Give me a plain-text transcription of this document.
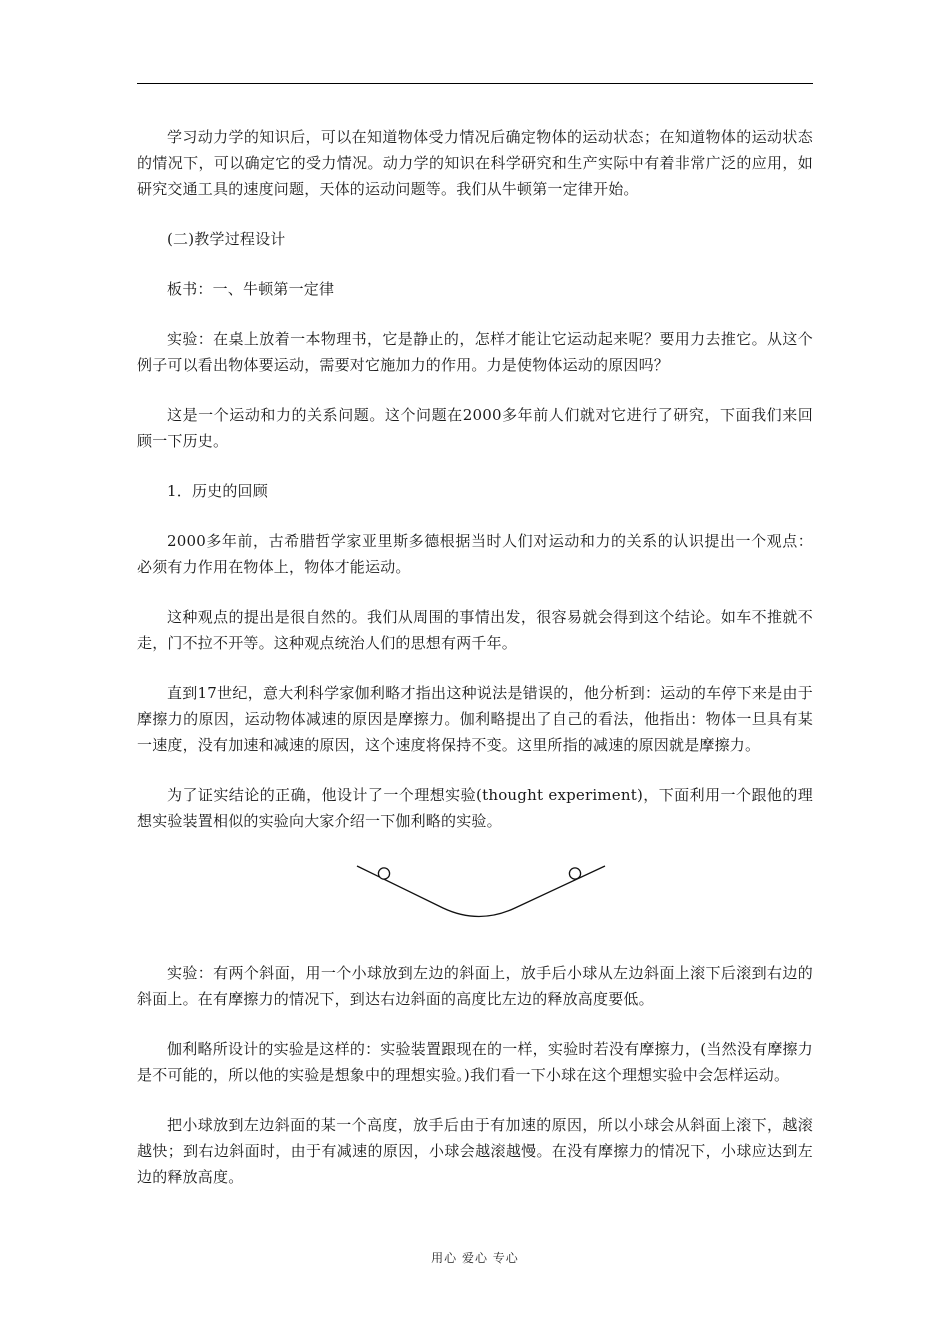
学习动力学的知识后，可以在知道物体受力情况后确定物体的运动状态；在知道物体的运动状态的情况下，可以确定它的受力情况。动力学的知识在科学研究和生产实际中有着非常广泛的应用，如研究交通工具的速度问题，天体的运动问题等。我们从牛顿第一定律开始。

(二)教学过程设计

板书：一、牛顿第一定律

实验：在桌上放着一本物理书，它是静止的，怎样才能让它运动起来呢？要用力去推它。从这个例子可以看出物体要运动，需要对它施加力的作用。力是使物体运动的原因吗？

这是一个运动和力的关系问题。这个问题在2000多年前人们就对它进行了研究，下面我们来回顾一下历史。

1．历史的回顾

2000多年前，古希腊哲学家亚里斯多德根据当时人们对运动和力的关系的认识提出一个观点：必须有力作用在物体上，物体才能运动。

这种观点的提出是很自然的。我们从周围的事情出发，很容易就会得到这个结论。如车不推就不走，门不拉不开等。这种观点统治人们的思想有两千年。

直到17世纪，意大利科学家伽利略才指出这种说法是错误的，他分析到：运动的车停下来是由于摩擦力的原因，运动物体减速的原因是摩擦力。伽利略提出了自己的看法，他指出：物体一旦具有某一速度，没有加速和减速的原因，这个速度将保持不变。这里所指的减速的原因就是摩擦力。

为了证实结论的正确，他设计了一个理想实验(thought experiment)，下面利用一个跟他的理想实验装置相似的实验向大家介绍一下伽利略的实验。

实验：有两个斜面，用一个小球放到左边的斜面上，放手后小球从左边斜面上滚下后滚到右边的斜面上。在有摩擦力的情况下，到达右边斜面的高度比左边的释放高度要低。

伽利略所设计的实验是这样的：实验装置跟现在的一样，实验时若没有摩擦力，(当然没有摩擦力是不可能的，所以他的实验是想象中的理想实验。)我们看一下小球在这个理想实验中会怎样运动。

把小球放到左边斜面的某一个高度，放手后由于有加速的原因，所以小球会从斜面上滚下，越滚越快；到右边斜面时，由于有减速的原因，小球会越滚越慢。在没有摩擦力的情况下，小球应达到左边的释放高度。

用心 爱心 专心
